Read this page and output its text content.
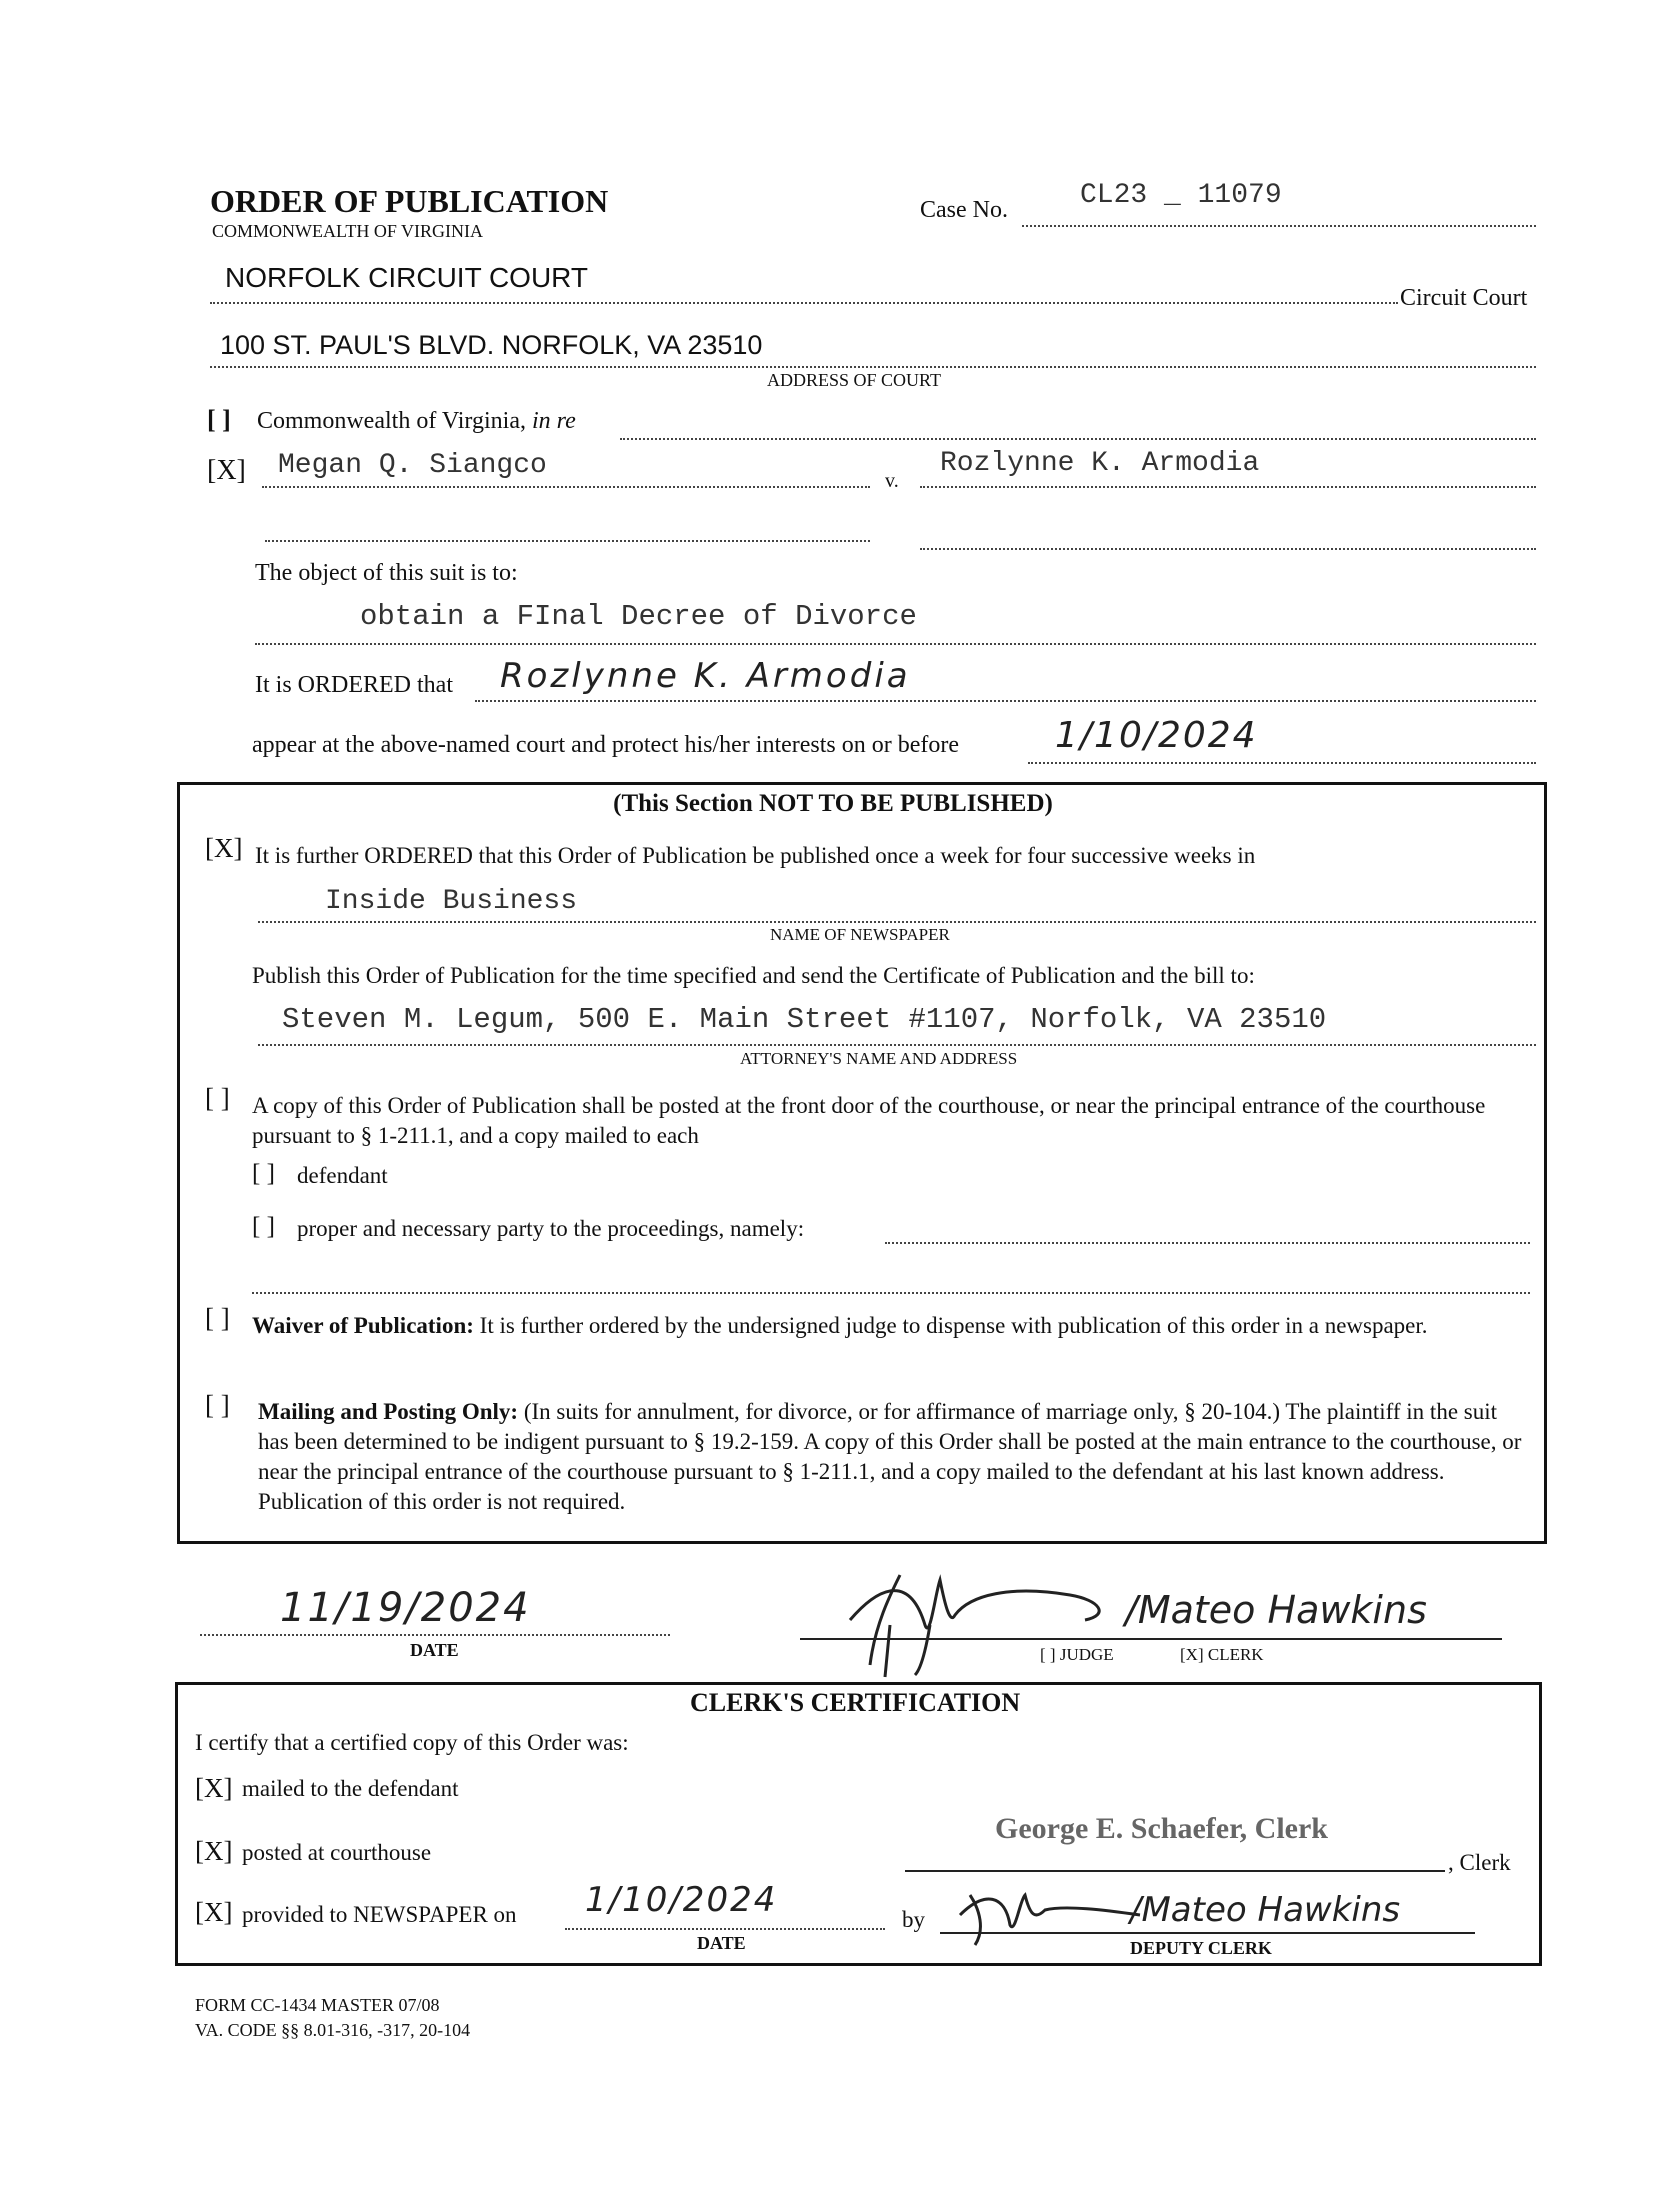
ORDER OF PUBLICATION
COMMONWEALTH OF VIRGINIA
Case No.	CL23 _ 11079
NORFOLK CIRCUIT COURT
Circuit Court
100 ST. PAUL'S BLVD. NORFOLK, VA 23510
ADDRESS OF COURT
[ ] Commonwealth of Virginia, in re
[X] Megan Q. Siangco	v.
Rozlynne K. Armodia
The object of this suit is to:
obtain a FInal Decree of Divorce
It is ORDERED that Rozlynne K. Armodia
appear at the above-named court and protect his/her interests on or before	1/10/2024
(This Section NOT TO BE PUBLISHED)
[X] It is further ORDERED that this Order of Publication be published once a week for four successive weeks in
Inside Business
NAME OF NEWSPAPER
Publish this Order of Publication for the time specified and send the Certificate of Publication and the bill to:
Steven M. Legum, 500 E. Main Street #1107, Norfolk, VA 23510
ATTORNEY'S NAME AND ADDRESS
[ ] A copy of this Order of Publication shall be posted at the front door of the courthouse, or near the principal entrance of the courthouse pursuant to § 1-211.1, and a copy mailed to each
[ ] defendant
[ ] proper and necessary party to the proceedings, namely:
[ ] Waiver of Publication: It is further ordered by the undersigned judge to dispense with publication of this order in a newspaper.
[ ] Mailing and Posting Only: (In suits for annulment, for divorce, or for affirmance of marriage only, § 20-104.) The plaintiff in the suit has been determined to be indigent pursuant to § 19.2-159. A copy of this Order shall be posted at the main entrance to the courthouse, or near the principal entrance of the courthouse pursuant to § 1-211.1, and a copy mailed to the defendant at his last known address. Publication of this order is not required.
11/19/2024
DATE
/Mateo Hawkins
[ ] JUDGE	[X] CLERK
CLERK'S CERTIFICATION
I certify that a certified copy of this Order was:
[X] mailed to the defendant
[X] posted at courthouse
George E. Schaefer, Clerk
, Clerk
[X] provided to NEWSPAPER on 1/10/2024
DATE
by	/Mateo Hawkins
DEPUTY CLERK
FORM CC-1434 MASTER 07/08
VA. CODE §§ 8.01-316, -317, 20-104
